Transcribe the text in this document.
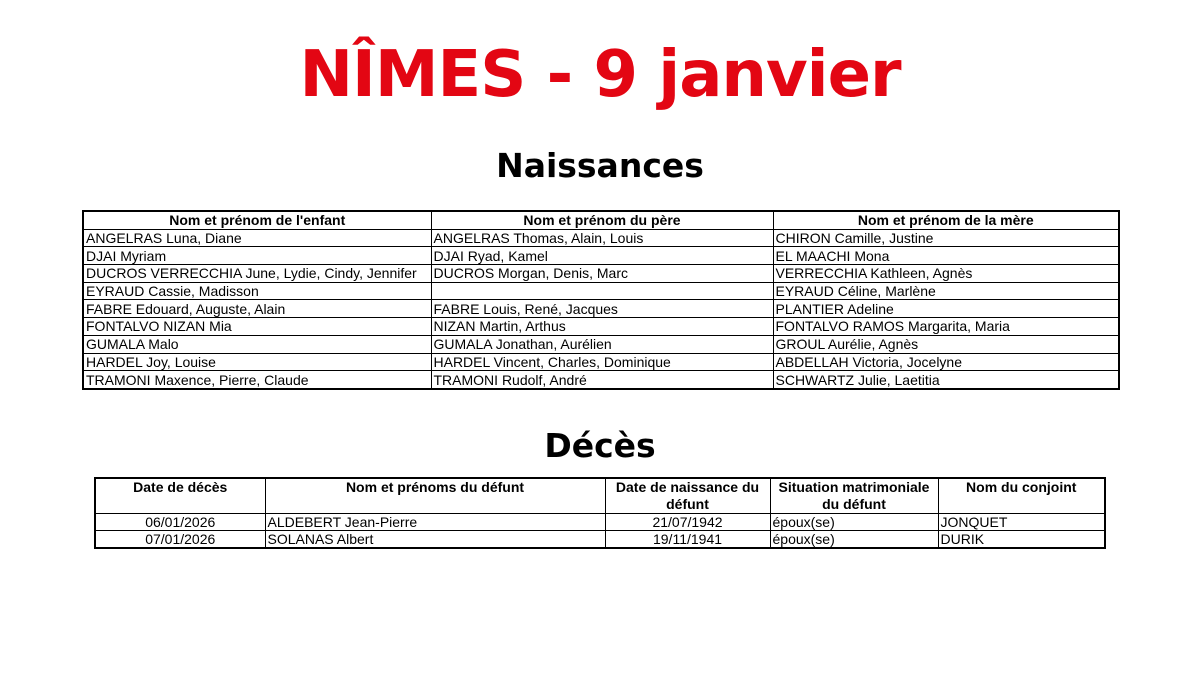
NÎMES - 9 janvier
Naissances
Nom et prénom de l'enfant	Nom et prénom du père	Nom et prénom de la mère
ANGELRAS Luna, Diane	ANGELRAS Thomas, Alain, Louis	CHIRON Camille, Justine
DJAI Myriam	DJAI Ryad, Kamel	EL MAACHI Mona
DUCROS VERRECCHIA June, Lydie, Cindy, Jennifer	DUCROS Morgan, Denis, Marc	VERRECCHIA Kathleen, Agnès
EYRAUD Cassie, Madisson		EYRAUD Céline, Marlène
FABRE Edouard, Auguste, Alain	FABRE Louis, René, Jacques	PLANTIER Adeline
FONTALVO NIZAN Mia	NIZAN Martin, Arthus	FONTALVO RAMOS Margarita, Maria
GUMALA Malo	GUMALA Jonathan, Aurélien	GROUL Aurélie, Agnès
HARDEL Joy, Louise	HARDEL Vincent, Charles, Dominique	ABDELLAH Victoria, Jocelyne
TRAMONI Maxence, Pierre, Claude	TRAMONI Rudolf, André	SCHWARTZ Julie, Laetitia
Décès
Date de décès	Nom et prénoms du défunt	Date de naissance du défunt	Situation matrimoniale du défunt	Nom du conjoint
06/01/2026	ALDEBERT Jean-Pierre	21/07/1942	époux(se)	JONQUET
07/01/2026	SOLANAS Albert	19/11/1941	époux(se)	DURIK
